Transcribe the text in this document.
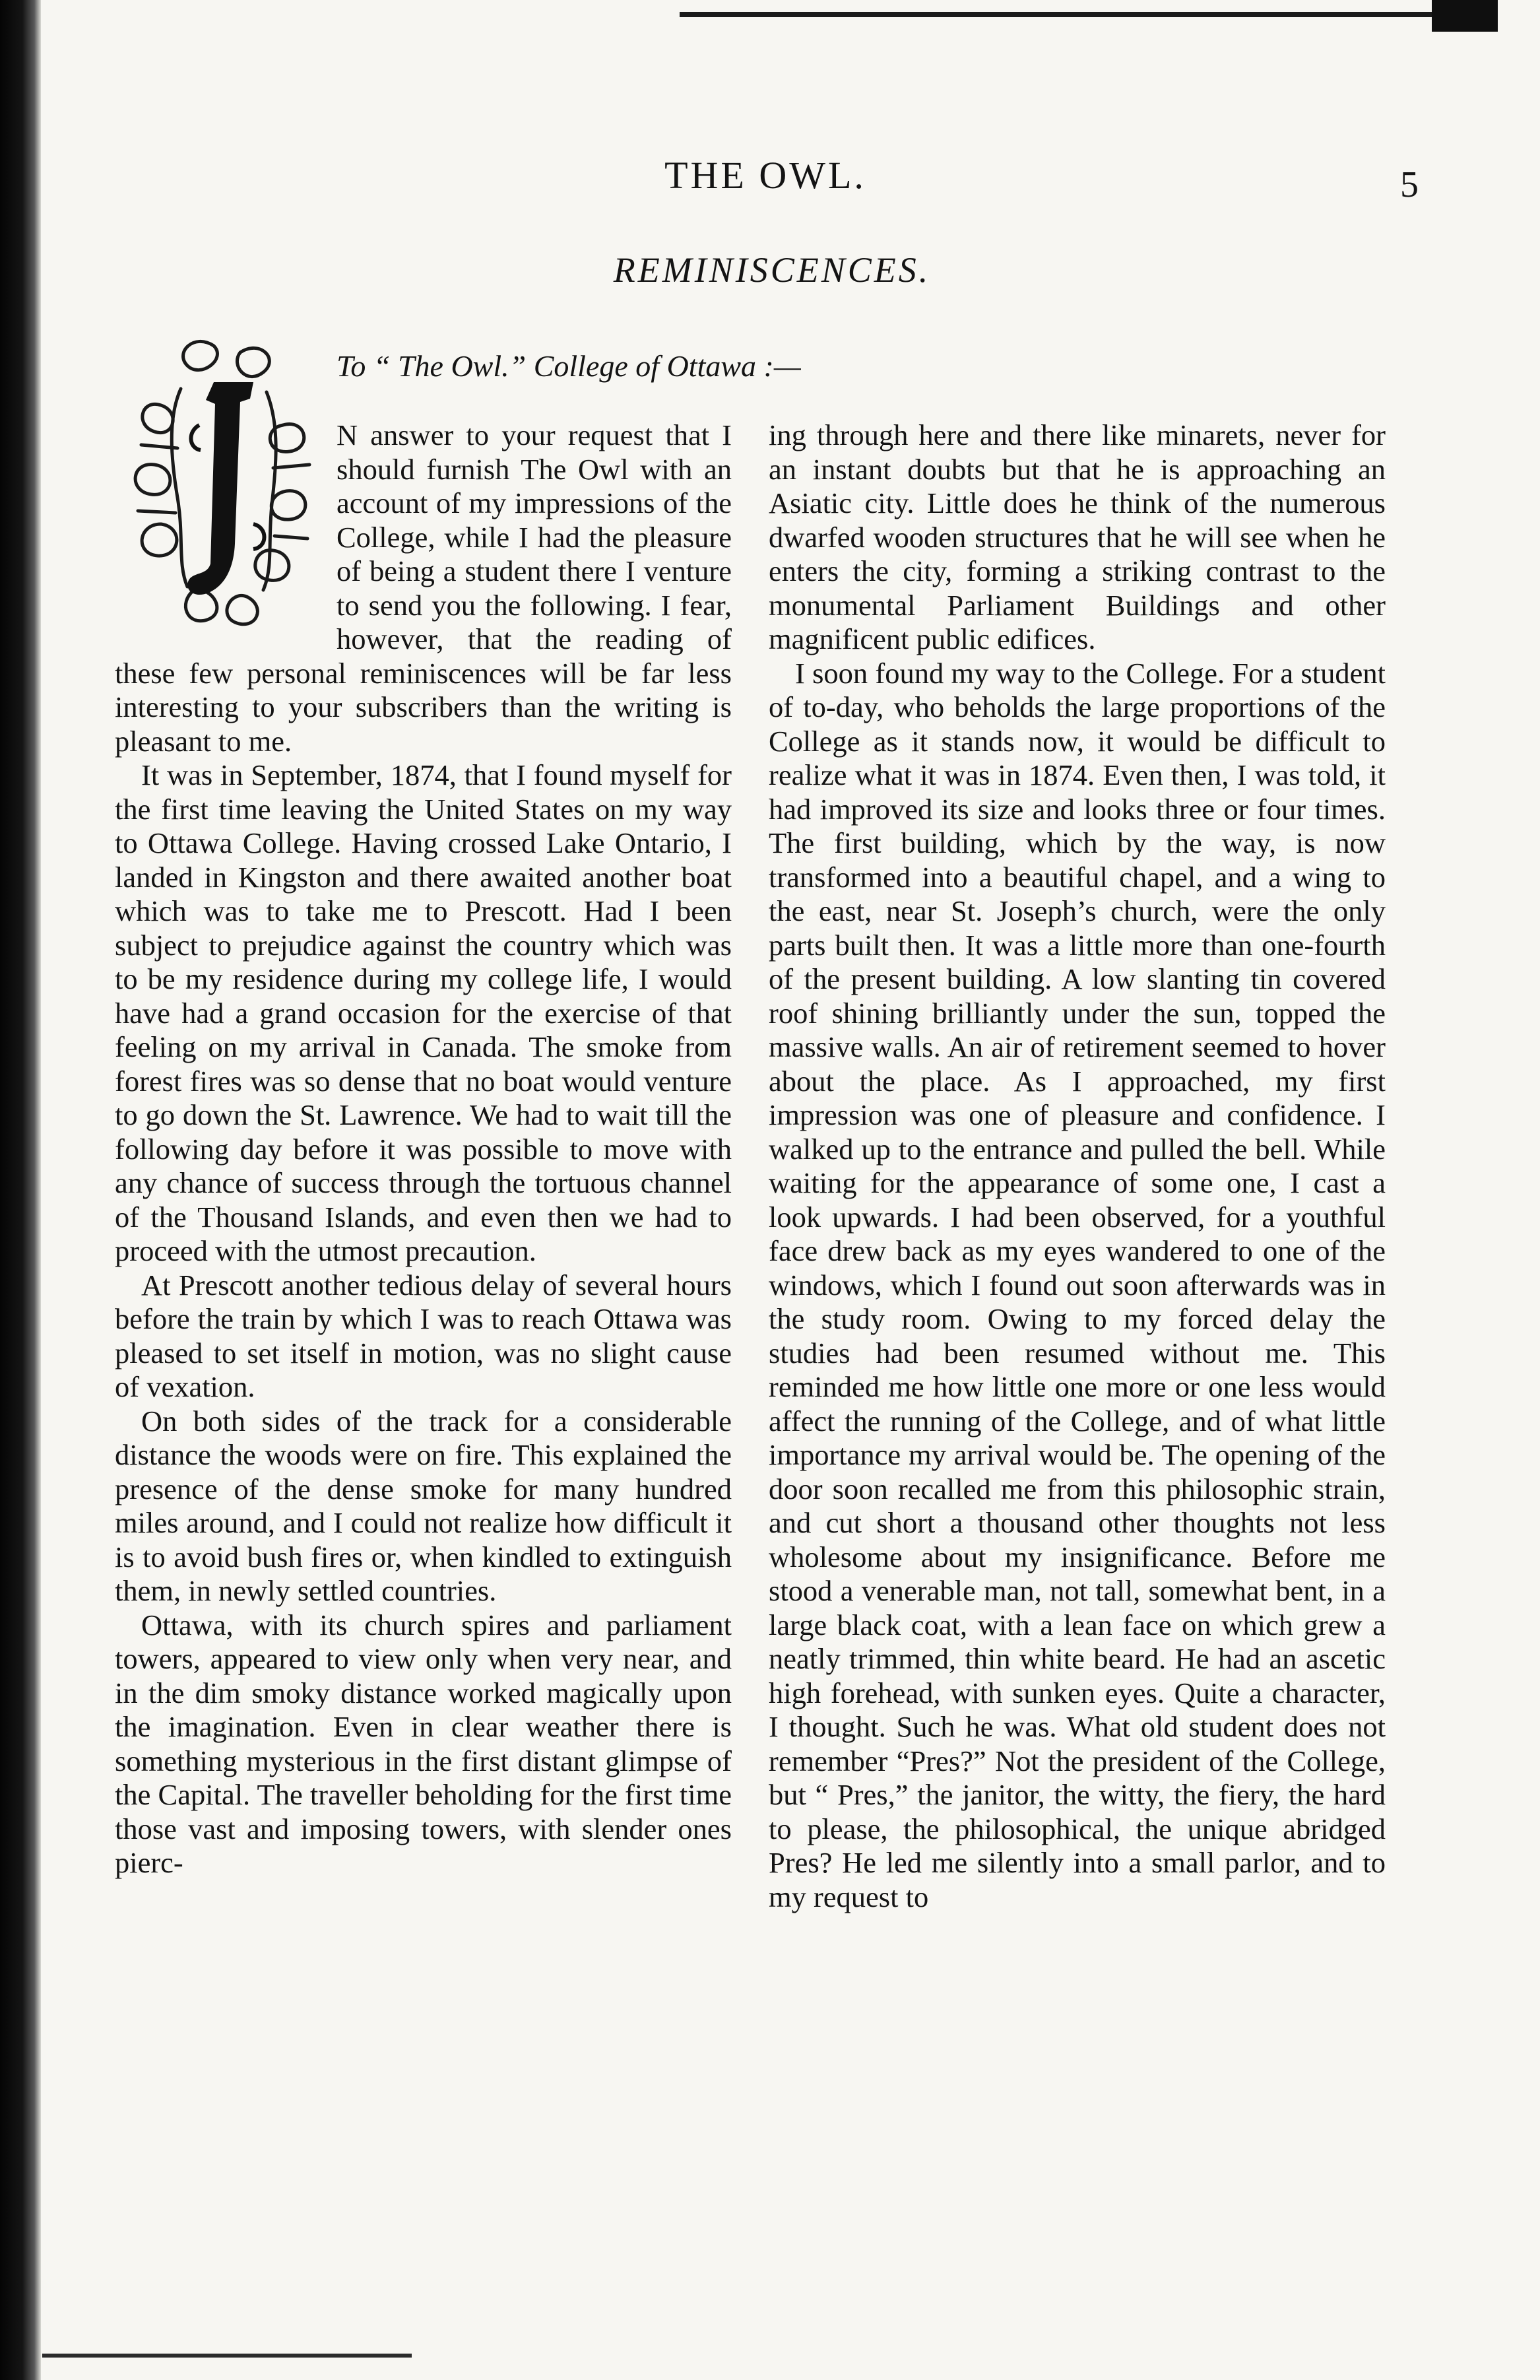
THE OWL.	5
REMINISCENCES.
To “ The Owl.” College of Ottawa :—

N answer to your request that I should furnish The Owl with an account of my impressions of the College, while I had the pleasure of being a student there I venture to send you the following. I fear, however, that the reading of these few personal reminiscences will be far less interesting to your subscribers than the writing is pleasant to me.

It was in September, 1874, that I found myself for the first time leaving the United States on my way to Ottawa College. Having crossed Lake Ontario, I landed in Kingston and there awaited another boat which was to take me to Prescott. Had I been subject to prejudice against the country which was to be my residence during my college life, I would have had a grand occasion for the exercise of that feeling on my arrival in Canada. The smoke from forest fires was so dense that no boat would venture to go down the St. Lawrence. We had to wait till the following day before it was possible to move with any chance of success through the tortuous channel of the Thousand Islands, and even then we had to proceed with the utmost precaution.

At Prescott another tedious delay of several hours before the train by which I was to reach Ottawa was pleased to set itself in motion, was no slight cause of vexation.

On both sides of the track for a considerable distance the woods were on fire. This explained the presence of the dense smoke for many hundred miles around, and I could not realize how difficult it is to avoid bush fires or, when kindled to extinguish them, in newly settled countries.

Ottawa, with its church spires and parliament towers, appeared to view only when very near, and in the dim smoky distance worked magically upon the imagination. Even in clear weather there is something mysterious in the first distant glimpse of the Capital. The traveller beholding for the first time those vast and imposing towers, with slender ones pierc-

ing through here and there like minarets, never for an instant doubts but that he is approaching an Asiatic city. Little does he think of the numerous dwarfed wooden structures that he will see when he enters the city, forming a striking contrast to the monumental Parliament Buildings and other magnificent public edifices.

I soon found my way to the College. For a student of to-day, who beholds the large proportions of the College as it stands now, it would be difficult to realize what it was in 1874. Even then, I was told, it had improved its size and looks three or four times. The first building, which by the way, is now transformed into a beautiful chapel, and a wing to the east, near St. Joseph’s church, were the only parts built then. It was a little more than one-fourth of the present building. A low slanting tin covered roof shining brilliantly under the sun, topped the massive walls. An air of retirement seemed to hover about the place. As I approached, my first impression was one of pleasure and confidence. I walked up to the entrance and pulled the bell. While waiting for the appearance of some one, I cast a look upwards. I had been observed, for a youthful face drew back as my eyes wandered to one of the windows, which I found out soon afterwards was in the study room. Owing to my forced delay the studies had been resumed without me. This reminded me how little one more or one less would affect the running of the College, and of what little importance my arrival would be. The opening of the door soon recalled me from this philosophic strain, and cut short a thousand other thoughts not less wholesome about my insignificance. Before me stood a venerable man, not tall, somewhat bent, in a large black coat, with a lean face on which grew a neatly trimmed, thin white beard. He had an ascetic high forehead, with sunken eyes. Quite a character, I thought. Such he was. What old student does not remember “Pres?” Not the president of the College, but “ Pres,” the janitor, the witty, the fiery, the hard to please, the philosophical, the unique abridged Pres? He led me silently into a small parlor, and to my request to
